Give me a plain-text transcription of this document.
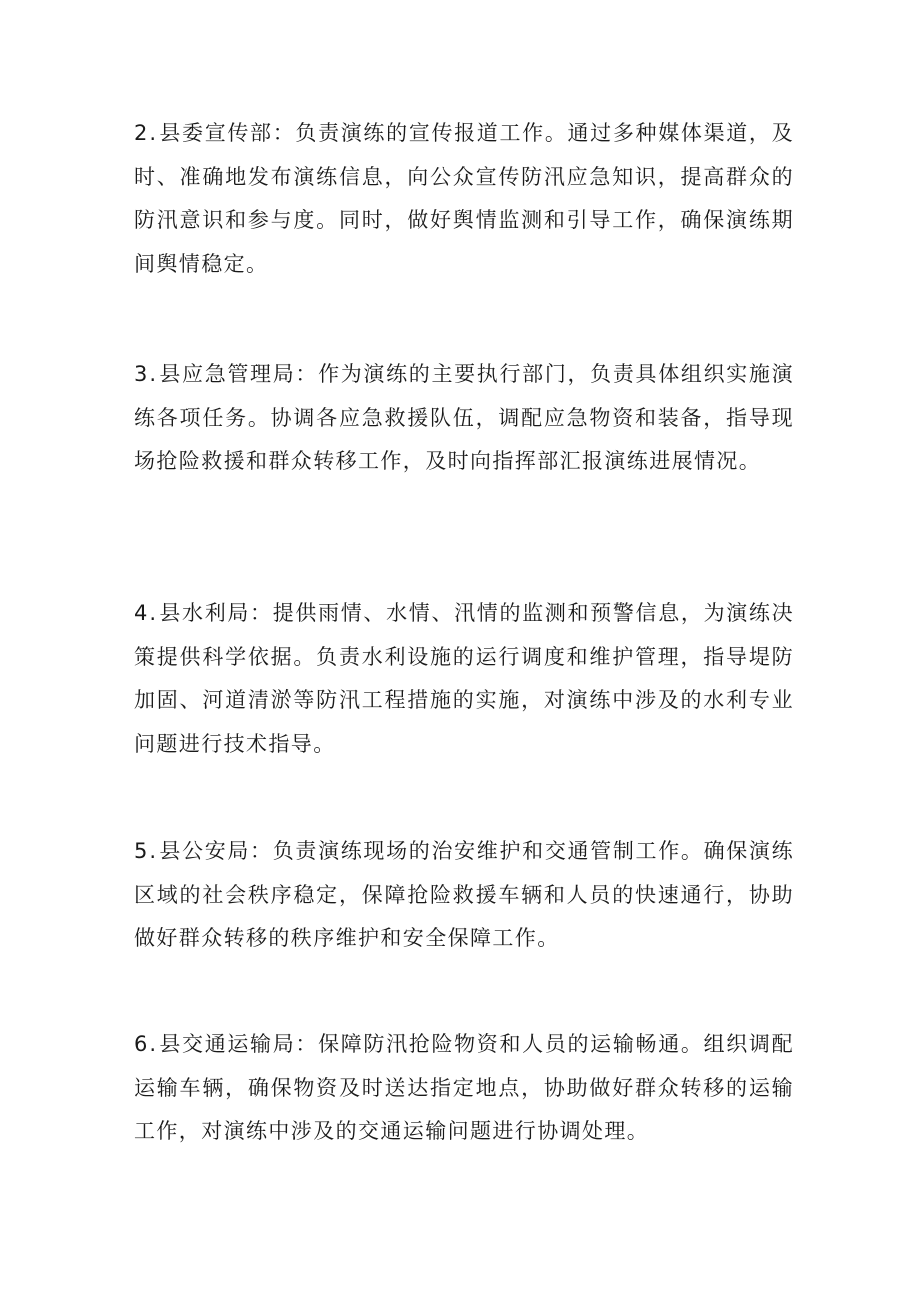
2.县委宣传部：负责演练的宣传报道工作。通过多种媒体渠道，及时、准确地发布演练信息，向公众宣传防汛应急知识，提高群众的防汛意识和参与度。同时，做好舆情监测和引导工作，确保演练期间舆情稳定。

3.县应急管理局：作为演练的主要执行部门，负责具体组织实施演练各项任务。协调各应急救援队伍，调配应急物资和装备，指导现场抢险救援和群众转移工作，及时向指挥部汇报演练进展情况。

4.县水利局：提供雨情、水情、汛情的监测和预警信息，为演练决策提供科学依据。负责水利设施的运行调度和维护管理，指导堤防加固、河道清淤等防汛工程措施的实施，对演练中涉及的水利专业问题进行技术指导。

5.县公安局：负责演练现场的治安维护和交通管制工作。确保演练区域的社会秩序稳定，保障抢险救援车辆和人员的快速通行，协助做好群众转移的秩序维护和安全保障工作。

6.县交通运输局：保障防汛抢险物资和人员的运输畅通。组织调配运输车辆，确保物资及时送达指定地点，协助做好群众转移的运输工作，对演练中涉及的交通运输问题进行协调处理。
